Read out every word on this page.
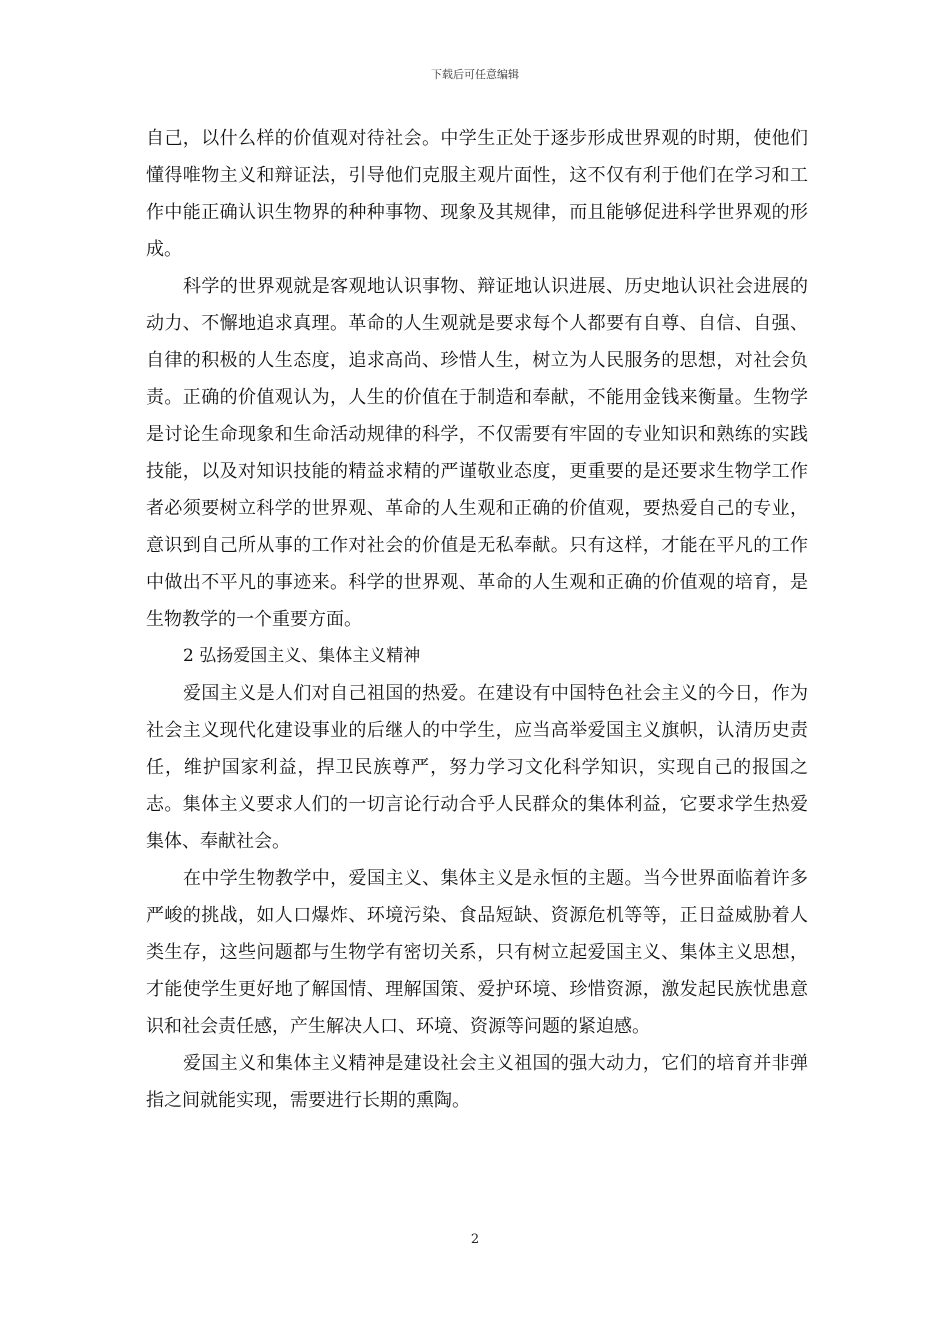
下载后可任意编辑

自己，以什么样的价值观对待社会。中学生正处于逐步形成世界观的时期，使他们懂得唯物主义和辩证法，引导他们克服主观片面性，这不仅有利于他们在学习和工作中能正确认识生物界的种种事物、现象及其规律，而且能够促进科学世界观的形成。

科学的世界观就是客观地认识事物、辩证地认识进展、历史地认识社会进展的动力、不懈地追求真理。革命的人生观就是要求每个人都要有自尊、自信、自强、自律的积极的人生态度，追求高尚、珍惜人生，树立为人民服务的思想，对社会负责。正确的价值观认为，人生的价值在于制造和奉献，不能用金钱来衡量。生物学是讨论生命现象和生命活动规律的科学，不仅需要有牢固的专业知识和熟练的实践技能，以及对知识技能的精益求精的严谨敬业态度，更重要的是还要求生物学工作者必须要树立科学的世界观、革命的人生观和正确的价值观，要热爱自己的专业，意识到自己所从事的工作对社会的价值是无私奉献。只有这样，才能在平凡的工作中做出不平凡的事迹来。科学的世界观、革命的人生观和正确的价值观的培育，是生物教学的一个重要方面。

2 弘扬爱国主义、集体主义精神

爱国主义是人们对自己祖国的热爱。在建设有中国特色社会主义的今日，作为社会主义现代化建设事业的后继人的中学生，应当高举爱国主义旗帜，认清历史责任，维护国家利益，捍卫民族尊严，努力学习文化科学知识，实现自己的报国之志。集体主义要求人们的一切言论行动合乎人民群众的集体利益，它要求学生热爱集体、奉献社会。

在中学生物教学中，爱国主义、集体主义是永恒的主题。当今世界面临着许多严峻的挑战，如人口爆炸、环境污染、食品短缺、资源危机等等，正日益威胁着人类生存，这些问题都与生物学有密切关系，只有树立起爱国主义、集体主义思想，才能使学生更好地了解国情、理解国策、爱护环境、珍惜资源，激发起民族忧患意识和社会责任感，产生解决人口、环境、资源等问题的紧迫感。

爱国主义和集体主义精神是建设社会主义祖国的强大动力，它们的培育并非弹指之间就能实现，需要进行长期的熏陶。

2
